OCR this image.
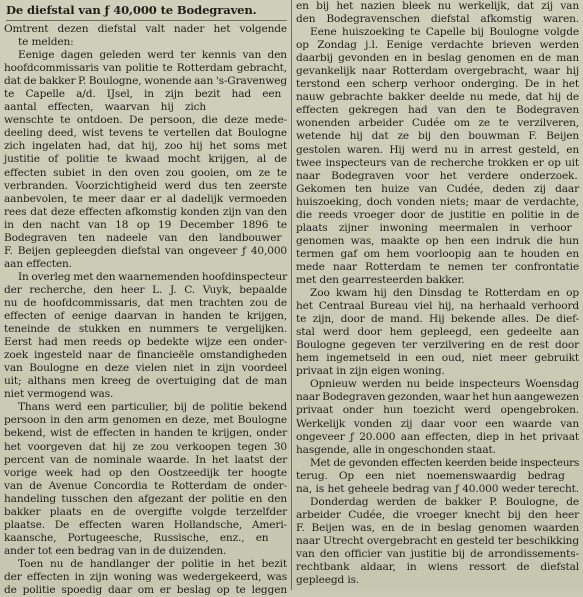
De diefstal van ƒ 40,000 te Bodegraven.
Omtrent dezen diefstal valt nader het volgende
te melden:
Eenige dagen geleden werd ter kennis van den
hoofdcommissaris van politie te Rotterdam gebracht,
dat de bakker P. Boulogne, wonende aan 's-Gravenweg
te Capelle a/d. IJsel, in zijn bezit had een
aantal effecten, waarvan hij zich
wenschte te ontdoen. De persoon, die deze mede-
deeling deed, wist tevens te vertellen dat Boulogne
zich ingelaten had, dat hij, zoo hij het soms met
justitie of politie te kwaad mocht krijgen, al de
effecten subiet in den oven zou gooien, om ze te
verbranden. Voorzichtigheid werd dus ten zeerste
aanbevolen, te meer daar er al dadelijk vermoeden
rees dat deze effecten afkomstig konden zijn van den
in den nacht van 18 op 19 December 1896 te
Bodegraven ten nadeele van den landbouwer
F. Beijen gepleegden diefstal van ongeveer ƒ 40,000
aan effecten.
In overleg met den waarnemenden hoofdinspecteur
der recherche, den heer L. J. C. Vuyk, bepaalde
nu de hoofdcommissaris, dat men trachten zou de
effecten of eenige daarvan in handen te krijgen,
teneinde de stukken en nummers te vergelijken.
Eerst had men reeds op bedekte wijze een onder-
zoek ingesteld naar de financieële omstandigheden
van Boulogne en deze vielen niet in zijn voordeel
uit; althans men kreeg de overtuiging dat de man
niet vermogend was.
Thans werd een particulier, bij de politie bekend
persoon in den arm genomen en deze, met Boulogne
bekend, wist de effecten in handen te krijgen, onder
het voorgeven dat hij ze zou verkoopen tegen 30
percent van de nominale waarde. In het laatst der
vorige week had op den Oostzeedijk ter hoogte
van de Avenue Concordia te Rotterdam de onder-
handeling tusschen den afgezant der politie en den
bakker plaats en de overgifte volgde terzelfder
plaatse. De effecten waren Hollandsche, Ameri-
kaansche, Portugeesche, Russische, enz., en
ander tot een bedrag van in de duizenden.
Toen nu de handlanger der politie in het bezit
der effecten in zijn woning was wedergekeerd, was
de politie spoedig daar om er beslag op te leggen
en bij het nazien bleek nu werkelijk, dat zij van
den Bodegravenschen diefstal afkomstig waren.
Eene huiszoeking te Capelle bij Boulogne volgde
op Zondag j.l. Eenige verdachte brieven werden
daarbij gevonden en in beslag genomen en de man
gevankelijk naar Rotterdam overgebracht, waar hij
terstond een scherp verhoor onderging. De in het
nauw gebrachte bakker deelde nu mede, dat hij de
effecten gekregen had van den te Bodegraven
wonenden arbeider Cudée om ze te verzilveren,
wetende hij dat ze bij den bouwman F. Beijen
gestolen waren. Hij werd nu in arrest gesteld, en
twee inspecteurs van de recherche trokken er op uit
naar Bodegraven voor het verdere onderzoek.
Gekomen ten huize van Cudée, deden zij daar
huiszoeking, doch vonden niets; maar de verdachte,
die reeds vroeger door de justitie en politie in de
plaats zijner inwoning meermalen in verhoor
genomen was, maakte op hen een indruk die hun
termen gaf om hem voorloopig aan te houden en
mede naar Rotterdam te nemen ter confrontatie
met den gearresteerden bakker.
Zoo kwam hij den Dinsdag te Rotterdam en op
het Centraal Bureau viel hij, na herhaald verhoord
te zijn, door de mand. Hij bekende alles. De dief-
stal werd door hem gepleegd, een gedeelte aan
Boulogne gegeven ter verzilvering en de rest door
hem ingemetseld in een oud, niet meer gebruikt
privaat in zijn eigen woning.
Opnieuw werden nu beide inspecteurs Woensdag
naar Bodegraven gezonden, waar het hun aangewezen
privaat onder hun toezicht werd opengebroken.
Werkelijk vonden zij daar voor een waarde van
ongeveer ƒ 20.000 aan effecten, diep in het privaat
hasgende, alle in ongeschonden staat.
Met de gevonden effecten keerden beide inspecteurs
terug. Op een niet noemenswaardig bedrag
na, is het geheele bedrag van ƒ 40.000 weder terecht.
Donderdag werden de bakker P. Boulogne, de
arbeider Cudée, die vroeger knecht bij den heer
F. Beijen was, en de in beslag genomen waarden
naar Utrecht overgebracht en gesteld ter beschikking
van den officier van justitie bij de arrondissements-
rechtbank aldaar, in wiens ressort de diefstal
gepleegd is.
